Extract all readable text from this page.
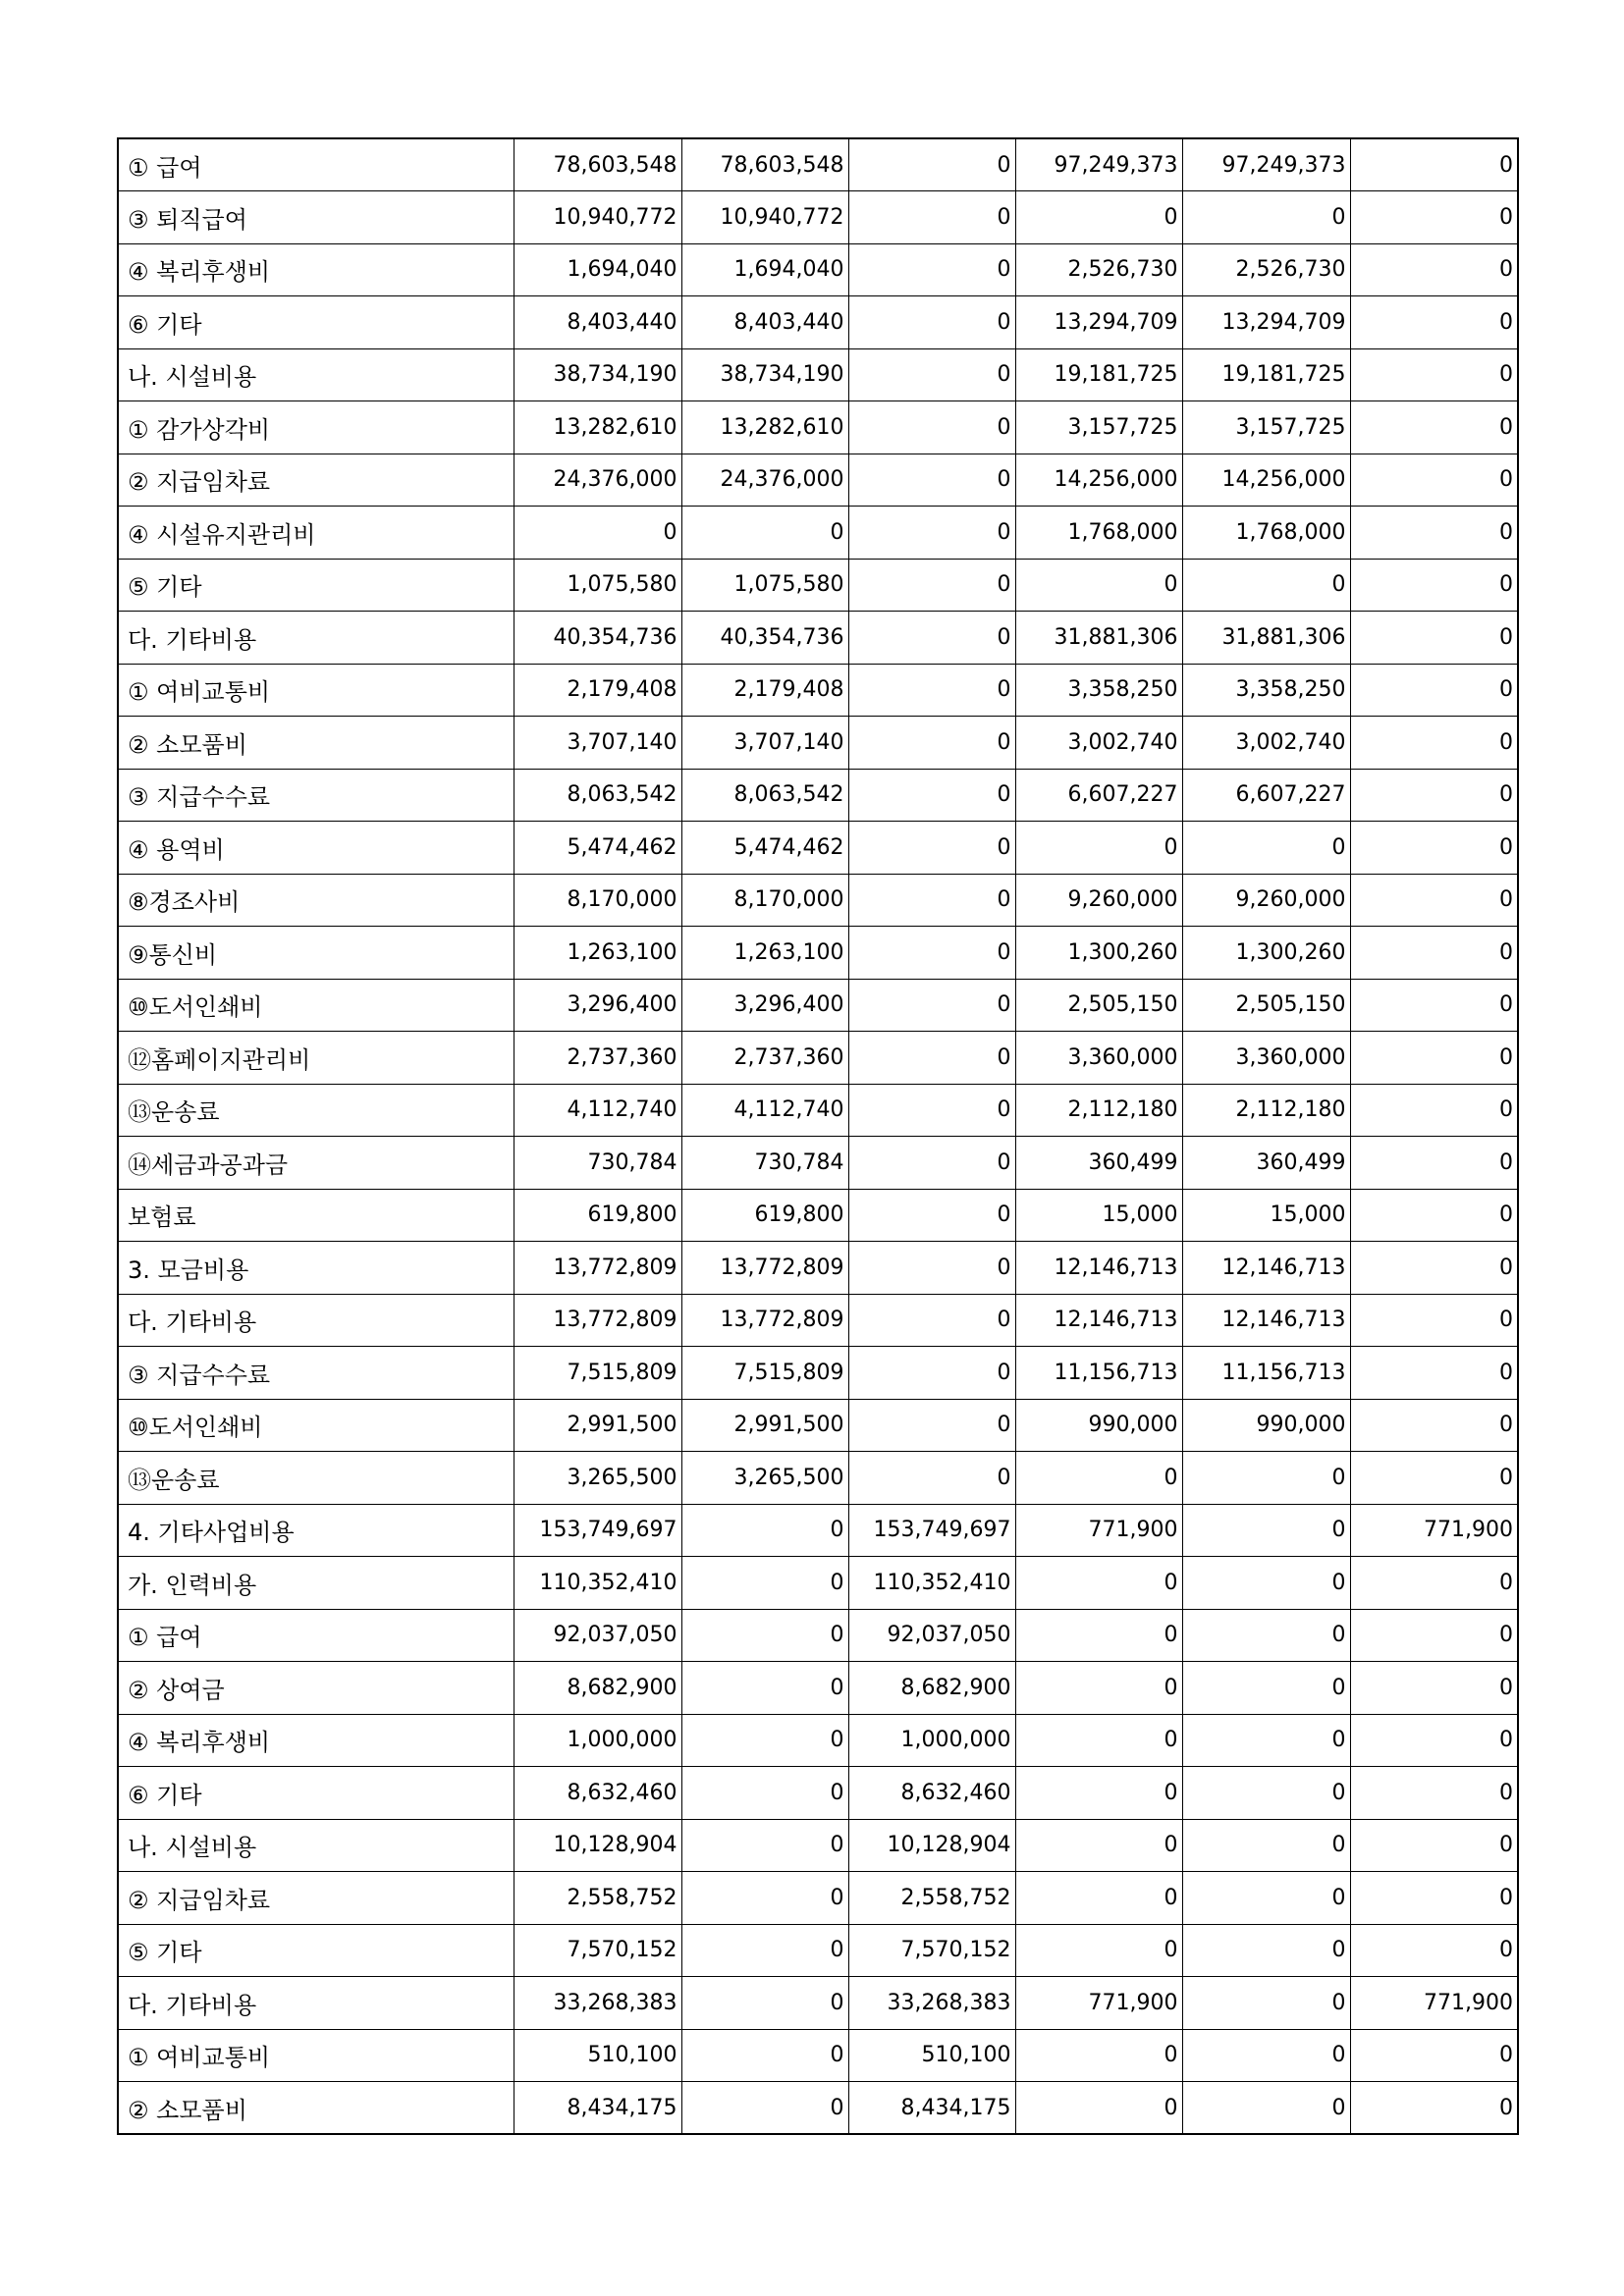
① 급여	78,603,548	78,603,548	0	97,249,373	97,249,373	0
③ 퇴직급여	10,940,772	10,940,772	0	0	0	0
④ 복리후생비	1,694,040	1,694,040	0	2,526,730	2,526,730	0
⑥ 기타	8,403,440	8,403,440	0	13,294,709	13,294,709	0
나. 시설비용	38,734,190	38,734,190	0	19,181,725	19,181,725	0
① 감가상각비	13,282,610	13,282,610	0	3,157,725	3,157,725	0
② 지급임차료	24,376,000	24,376,000	0	14,256,000	14,256,000	0
④ 시설유지관리비	0	0	0	1,768,000	1,768,000	0
⑤ 기타	1,075,580	1,075,580	0	0	0	0
다. 기타비용	40,354,736	40,354,736	0	31,881,306	31,881,306	0
① 여비교통비	2,179,408	2,179,408	0	3,358,250	3,358,250	0
② 소모품비	3,707,140	3,707,140	0	3,002,740	3,002,740	0
③ 지급수수료	8,063,542	8,063,542	0	6,607,227	6,607,227	0
④ 용역비	5,474,462	5,474,462	0	0	0	0
⑧경조사비	8,170,000	8,170,000	0	9,260,000	9,260,000	0
⑨통신비	1,263,100	1,263,100	0	1,300,260	1,300,260	0
⑩도서인쇄비	3,296,400	3,296,400	0	2,505,150	2,505,150	0
⑫홈페이지관리비	2,737,360	2,737,360	0	3,360,000	3,360,000	0
⑬운송료	4,112,740	4,112,740	0	2,112,180	2,112,180	0
⑭세금과공과금	730,784	730,784	0	360,499	360,499	0
보험료	619,800	619,800	0	15,000	15,000	0
3. 모금비용	13,772,809	13,772,809	0	12,146,713	12,146,713	0
다. 기타비용	13,772,809	13,772,809	0	12,146,713	12,146,713	0
③ 지급수수료	7,515,809	7,515,809	0	11,156,713	11,156,713	0
⑩도서인쇄비	2,991,500	2,991,500	0	990,000	990,000	0
⑬운송료	3,265,500	3,265,500	0	0	0	0
4. 기타사업비용	153,749,697	0	153,749,697	771,900	0	771,900
가. 인력비용	110,352,410	0	110,352,410	0	0	0
① 급여	92,037,050	0	92,037,050	0	0	0
② 상여금	8,682,900	0	8,682,900	0	0	0
④ 복리후생비	1,000,000	0	1,000,000	0	0	0
⑥ 기타	8,632,460	0	8,632,460	0	0	0
나. 시설비용	10,128,904	0	10,128,904	0	0	0
② 지급임차료	2,558,752	0	2,558,752	0	0	0
⑤ 기타	7,570,152	0	7,570,152	0	0	0
다. 기타비용	33,268,383	0	33,268,383	771,900	0	771,900
① 여비교통비	510,100	0	510,100	0	0	0
② 소모품비	8,434,175	0	8,434,175	0	0	0
